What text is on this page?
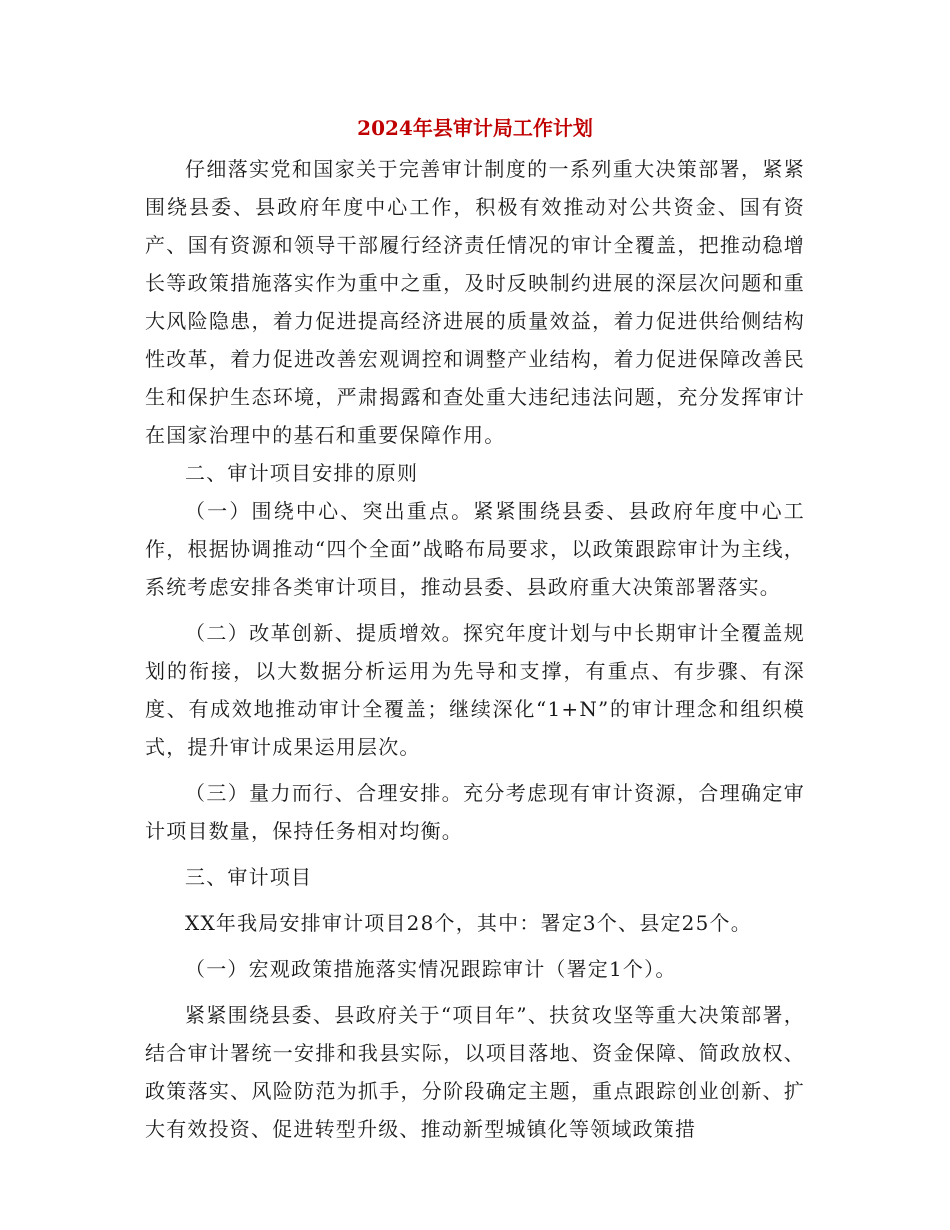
2024年县审计局工作计划

仔细落实党和国家关于完善审计制度的一系列重大决策部署，紧紧围绕县委、县政府年度中心工作，积极有效推动对公共资金、国有资产、国有资源和领导干部履行经济责任情况的审计全覆盖，把推动稳增长等政策措施落实作为重中之重，及时反映制约进展的深层次问题和重大风险隐患，着力促进提高经济进展的质量效益，着力促进供给侧结构性改革，着力促进改善宏观调控和调整产业结构，着力促进保障改善民生和保护生态环境，严肃揭露和查处重大违纪违法问题，充分发挥审计在国家治理中的基石和重要保障作用。

二、审计项目安排的原则

（一）围绕中心、突出重点。紧紧围绕县委、县政府年度中心工作，根据协调推动“四个全面”战略布局要求，以政策跟踪审计为主线，系统考虑安排各类审计项目，推动县委、县政府重大决策部署落实。

（二）改革创新、提质增效。探究年度计划与中长期审计全覆盖规划的衔接，以大数据分析运用为先导和支撑，有重点、有步骤、有深度、有成效地推动审计全覆盖；继续深化“1+N”的审计理念和组织模式，提升审计成果运用层次。

（三）量力而行、合理安排。充分考虑现有审计资源，合理确定审计项目数量，保持任务相对均衡。

三、审计项目

XX年我局安排审计项目28个，其中：署定3个、县定25个。

（一）宏观政策措施落实情况跟踪审计（署定1个）。

紧紧围绕县委、县政府关于“项目年”、扶贫攻坚等重大决策部署，结合审计署统一安排和我县实际，以项目落地、资金保障、简政放权、政策落实、风险防范为抓手，分阶段确定主题，重点跟踪创业创新、扩大有效投资、促进转型升级、推动新型城镇化等领域政策措
